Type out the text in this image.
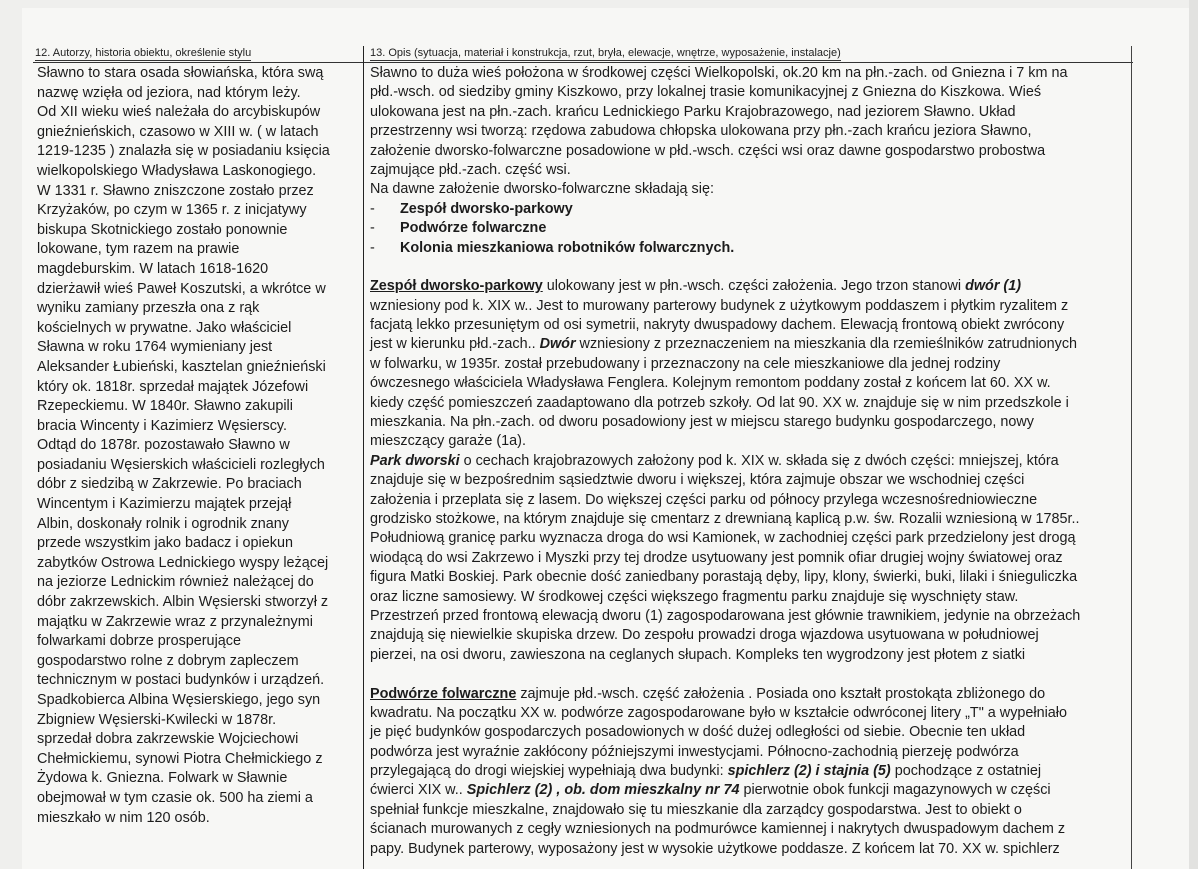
12. Autorzy, historia obiektu, określenie stylu	13. Opis (sytuacja, materiał i konstrukcja, rzut, bryła, elewacje, wnętrze, wyposażenie, instalacje)
Sławno to stara osada słowiańska, która swą
nazwę wzięła od jeziora, nad którym leży.
Od XII wieku wieś należała do arcybiskupów
gnieźnieńskich, czasowo w XIII w. ( w latach
1219-1235 ) znalazła się w posiadaniu księcia
wielkopolskiego Władysława Laskonogiego.
W 1331 r. Sławno zniszczone zostało przez
Krzyżaków, po czym w 1365 r. z inicjatywy
biskupa Skotnickiego zostało ponownie
lokowane, tym razem na prawie
magdeburskim. W latach 1618-1620
dzierżawił wieś Paweł Koszutski, a wkrótce w
wyniku zamiany przeszła ona z rąk
kościelnych w prywatne. Jako właściciel
Sławna w roku 1764 wymieniany jest
Aleksander Łubieński, kasztelan gnieźnieński
który ok. 1818r. sprzedał majątek Józefowi
Rzepeckiemu. W 1840r. Sławno zakupili
bracia Wincenty i Kazimierz Węsierscy.
Odtąd do 1878r. pozostawało Sławno w
posiadaniu Węsierskich właścicieli rozległych
dóbr z siedzibą w Zakrzewie. Po braciach
Wincentym i Kazimierzu majątek przejął
Albin, doskonały rolnik i ogrodnik znany
przede wszystkim jako badacz i opiekun
zabytków Ostrowa Lednickiego wyspy leżącej
na jeziorze Lednickim również należącej do
dóbr zakrzewskich. Albin Węsierski stworzył z
majątku w Zakrzewie wraz z przynależnymi
folwarkami dobrze prosperujące
gospodarstwo rolne z dobrym zapleczem
technicznym w postaci budynków i urządzeń.
Spadkobierca Albina Węsierskiego, jego syn
Zbigniew Węsierski-Kwilecki w 1878r.
sprzedał dobra zakrzewskie Wojciechowi
Chełmickiemu, synowi Piotra Chełmickiego z
Żydowa k. Gniezna. Folwark w Sławnie
obejmował w tym czasie ok. 500 ha ziemi a
mieszkało w nim 120 osób.
Sławno to duża wieś położona w środkowej części Wielkopolski, ok.20 km na płn.-zach. od Gniezna i 7 km na
płd.-wsch. od siedziby gminy Kiszkowo, przy lokalnej trasie komunikacyjnej z Gniezna do Kiszkowa. Wieś
ulokowana jest na płn.-zach. krańcu Lednickiego Parku Krajobrazowego, nad jeziorem Sławno. Układ
przestrzenny wsi tworzą: rzędowa zabudowa chłopska ulokowana przy płn.-zach krańcu jeziora Sławno,
założenie dworsko-folwarczne posadowione w płd.-wsch. części wsi oraz dawne gospodarstwo probostwa
zajmujące płd.-zach. część wsi.
Na dawne założenie dworsko-folwarczne składają się:
- Zespół dworsko-parkowy
- Podwórze folwarczne
- Kolonia mieszkaniowa robotników folwarcznych.
Zespół dworsko-parkowy ulokowany jest w płn.-wsch. części założenia. Jego trzon stanowi dwór (1)
wzniesiony pod k. XIX w.. Jest to murowany parterowy budynek z użytkowym poddaszem i płytkim ryzalitem z
facjatą lekko przesuniętym od osi symetrii, nakryty dwuspadowy dachem. Elewacją frontową obiekt zwrócony
jest w kierunku płd.-zach.. Dwór wzniesiony z przeznaczeniem na mieszkania dla rzemieślników zatrudnionych
w folwarku, w 1935r. został przebudowany i przeznaczony na cele mieszkaniowe dla jednej rodziny
ówczesnego właściciela Władysława Fenglera. Kolejnym remontom poddany został z końcem lat 60. XX w.
kiedy część pomieszczeń zaadaptowano dla potrzeb szkoły. Od lat 90. XX w. znajduje się w nim przedszkole i
mieszkania. Na płn.-zach. od dworu posadowiony jest w miejscu starego budynku gospodarczego, nowy
mieszczący garaże (1a).
Park dworski o cechach krajobrazowych założony pod k. XIX w. składa się z dwóch części: mniejszej, która
znajduje się w bezpośrednim sąsiedztwie dworu i większej, która zajmuje obszar we wschodniej części
założenia i przeplata się z lasem. Do większej części parku od północy przylega wczesnośredniowieczne
grodzisko stożkowe, na którym znajduje się cmentarz z drewnianą kaplicą p.w. św. Rozalii wzniesioną w 1785r..
Południową granicę parku wyznacza droga do wsi Kamionek, w zachodniej części park przedzielony jest drogą
wiodącą do wsi Zakrzewo i Myszki przy tej drodze usytuowany jest pomnik ofiar drugiej wojny światowej oraz
figura Matki Boskiej. Park obecnie dość zaniedbany porastają dęby, lipy, klony, świerki, buki, lilaki i śnieguliczka
oraz liczne samosiewy. W środkowej części większego fragmentu parku znajduje się wyschnięty staw.
Przestrzeń przed frontową elewacją dworu (1) zagospodarowana jest głównie trawnikiem, jedynie na obrzeżach
znajdują się niewielkie skupiska drzew. Do zespołu prowadzi droga wjazdowa usytuowana w południowej
pierzei, na osi dworu, zawieszona na ceglanych słupach. Kompleks ten wygrodzony jest płotem z siatki
Podwórze folwarczne zajmuje płd.-wsch. część założenia . Posiada ono kształt prostokąta zbliżonego do
kwadratu. Na początku XX w. podwórze zagospodarowane było w kształcie odwróconej litery „T" a wypełniało
je pięć budynków gospodarczych posadowionych w dość dużej odległości od siebie. Obecnie ten układ
podwórza jest wyraźnie zakłócony późniejszymi inwestycjami. Północno-zachodnią pierzeję podwórza
przylegającą do drogi wiejskiej wypełniają dwa budynki: spichlerz (2) i stajnia (5) pochodzące z ostatniej
ćwierci XIX w.. Spichlerz (2) , ob. dom mieszkalny nr 74 pierwotnie obok funkcji magazynowych w części
spełniał funkcje mieszkalne, znajdowało się tu mieszkanie dla zarządcy gospodarstwa. Jest to obiekt o
ścianach murowanych z cegły wzniesionych na podmurówce kamiennej i nakrytych dwuspadowym dachem z
papy. Budynek parterowy, wyposażony jest w wysokie użytkowe poddasze. Z końcem lat 70. XX w. spichlerz
